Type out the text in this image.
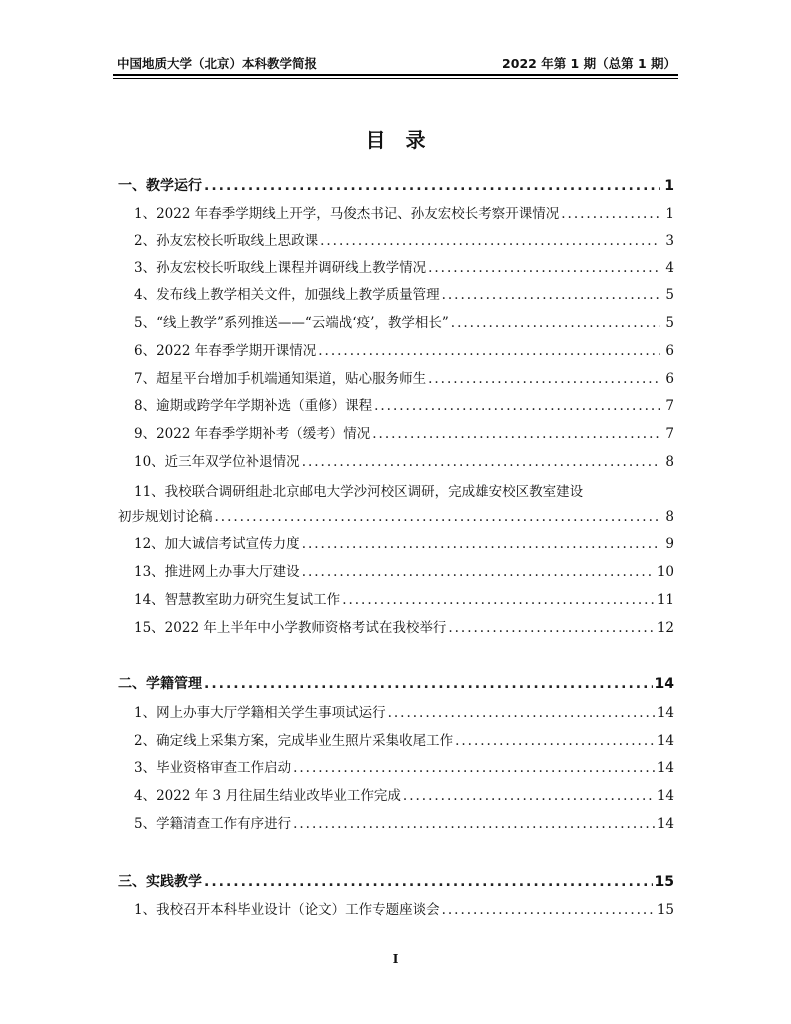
中国地质大学（北京）本科教学简报	2022 年第 1 期（总第 1 期）
目　录
一、教学运行 .....	1
1、2022 年春季学期线上开学，马俊杰书记、孙友宏校长考察开课情况 .....	1
2、孙友宏校长听取线上思政课 .....	3
3、孙友宏校长听取线上课程并调研线上教学情况 .....	4
4、发布线上教学相关文件，加强线上教学质量管理 .....	5
5、“线上教学”系列推送——“云端战‘疫’，教学相长” .....	5
6、2022 年春季学期开课情况 .....	6
7、超星平台增加手机端通知渠道，贴心服务师生 .....	6
8、逾期或跨学年学期补选（重修）课程 .....	7
9、2022 年春季学期补考（缓考）情况 .....	7
10、近三年双学位补退情况 .....	8
11、我校联合调研组赴北京邮电大学沙河校区调研，完成雄安校区教室建设
初步规划讨论稿 .....	8
12、加大诚信考试宣传力度 .....	9
13、推进网上办事大厅建设 .....	10
14、智慧教室助力研究生复试工作 .....	11
15、2022 年上半年中小学教师资格考试在我校举行 .....	12
二、学籍管理 .....	14
1、网上办事大厅学籍相关学生事项试运行 .....	14
2、确定线上采集方案，完成毕业生照片采集收尾工作 .....	14
3、毕业资格审查工作启动 .....	14
4、2022 年 3 月往届生结业改毕业工作完成 .....	14
5、学籍清查工作有序进行 .....	14
三、实践教学 .....	15
1、我校召开本科毕业设计（论文）工作专题座谈会 .....	15
I
